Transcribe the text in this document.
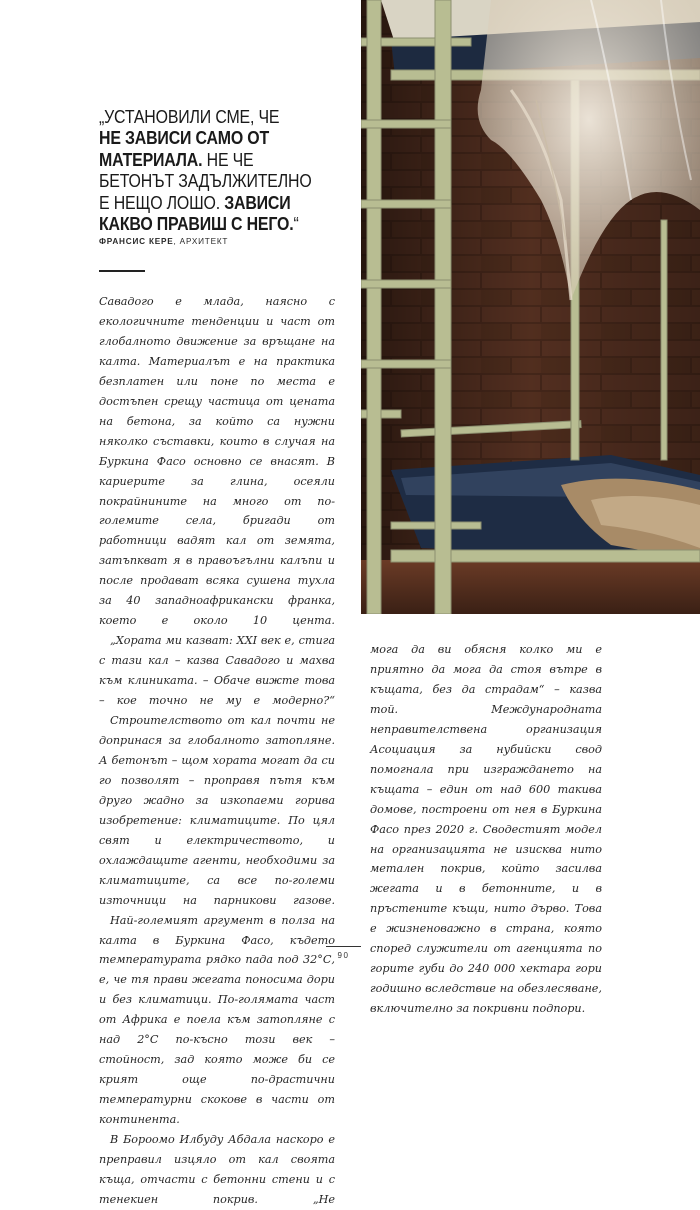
„УСТАНОВИЛИ СМЕ, ЧЕ
НЕ ЗАВИСИ САМО ОТ
МАТЕРИАЛА. НЕ ЧЕ
БЕТОНЪТ ЗАДЪЛЖИТЕЛНО
Е НЕЩО ЛОШО. ЗАВИСИ
КАКВО ПРАВИШ С НЕГО.“
ФРАНСИС КЕРЕ, АРХИТЕКТ

Савадого е млада, наясно с екологичните тенденции и част от глобалното движение за връщане на калта. Материалът е на практика безплатен или поне по места е достъпен срещу частица от цената на бетона, за който са нужни няколко съставки, които в случая на Буркина Фасо основно се внасят. В кариерите за глина, осеяли покрайнините на много от по-големите села, бригади от работници вадят кал от земята, затъпкват я в правоъгълни калъпи и после продават всяка сушена тухла за 40 западноафрикански франка, което е около 10 цента.

„Хората ми казват: XXI век е, стига с тази кал – казва Савадого и махва към клиниката. – Обаче вижте това – кое точно не му е модерно?“

Строителството от кал почти не допринася за глобалното затопляне. А бетонът – щом хората могат да си го позволят – проправя пътя към друго жадно за изкопаеми горива изобретение: климатиците. По цял свят и електричеството, и охлаждащите агенти, необходими за климатиците, са все по-големи източници на парникови газове.

Най-големият аргумент в полза на калта в Буркина Фасо, където температурата рядко пада под 32°С, е, че тя прави жегата поносима дори и без климатици. По-голямата част от Африка е поела към затопляне с над 2°С по-късно този век – стойност, зад която може би се крият още по-драстични температурни скокове в части от континента.

В Бороомо Илбуду Абдала наскоро е преправил изцяло от кал своята къща, отчасти с бетонни стени и с тенекиен покрив. „Не

мога да ви обясня колко ми е приятно да мога да стоя вътре в къщата, без да страдам“ – казва той. Международната неправителствена организация Асоциация за нубийски свод помогнала при изграждането на къщата – един от над 600 такива домове, построени от нея в Буркина Фасо през 2020 г. Сводестият модел на организацията не изисква нито метален покрив, който засилва жегата и в бетонните, и в пръстените къщи, нито дърво. Това е жизненоважно в страна, която според служители от агенцията по горите губи до 240 000 хектара гори годишно вследствие на обезлесяване, включително за покривни подпори.

90
